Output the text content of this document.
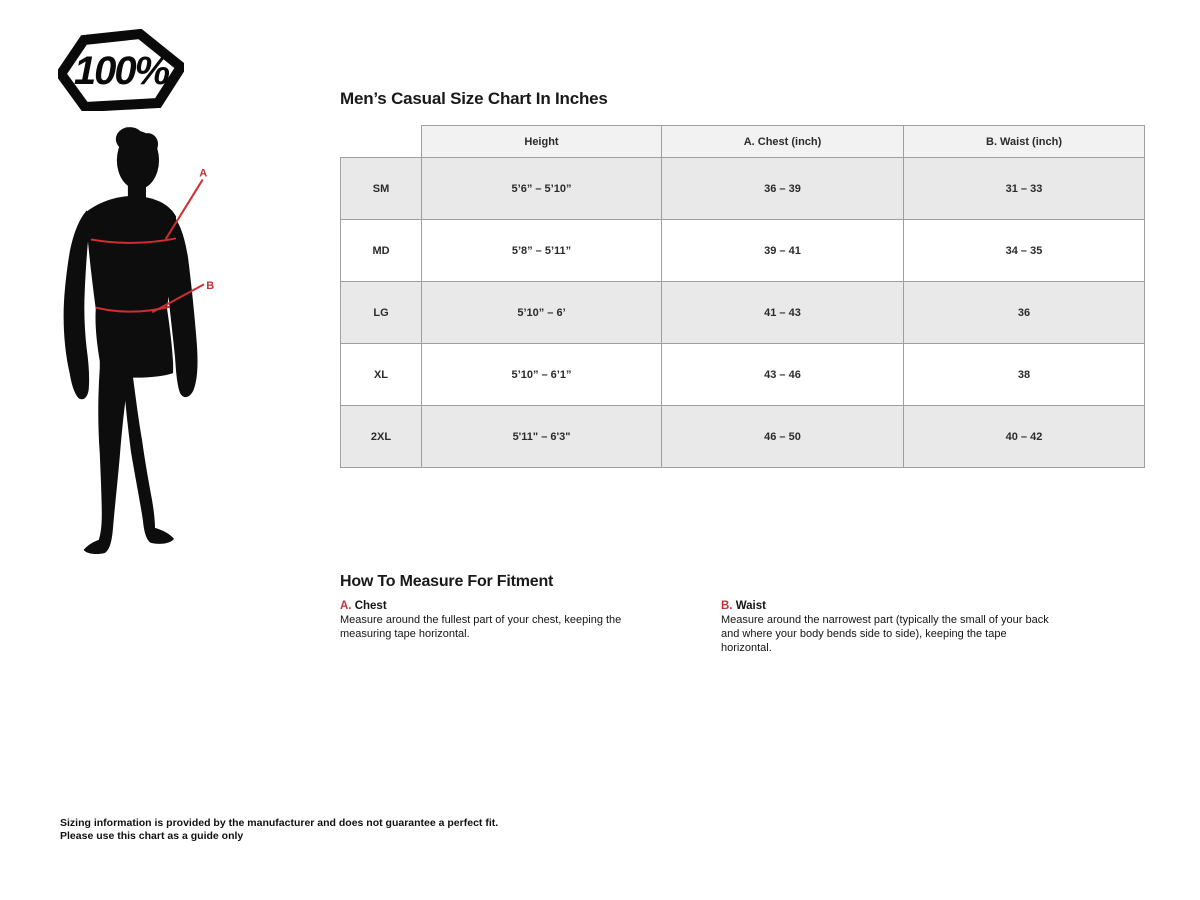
100%
A
B
Men’s Casual Size Chart In Inches
	Height	A. Chest (inch)	B. Waist (inch)
SM	5’6” – 5’10”	36 – 39	31 – 33
MD	5’8” – 5’11”	39 – 41	34 – 35
LG	5’10” – 6’	41 – 43	36
XL	5’10” – 6’1”	43 – 46	38
2XL	5'11" – 6'3"	46 – 50	40 – 42
How To Measure For Fitment
A. Chest
Measure around the fullest part of your chest, keeping the measuring tape horizontal.
B. Waist
Measure around the narrowest part (typically the small of your back and where your body bends side to side), keeping the tape horizontal.
Sizing information is provided by the manufacturer and does not guarantee a perfect fit.
Please use this chart as a guide only
